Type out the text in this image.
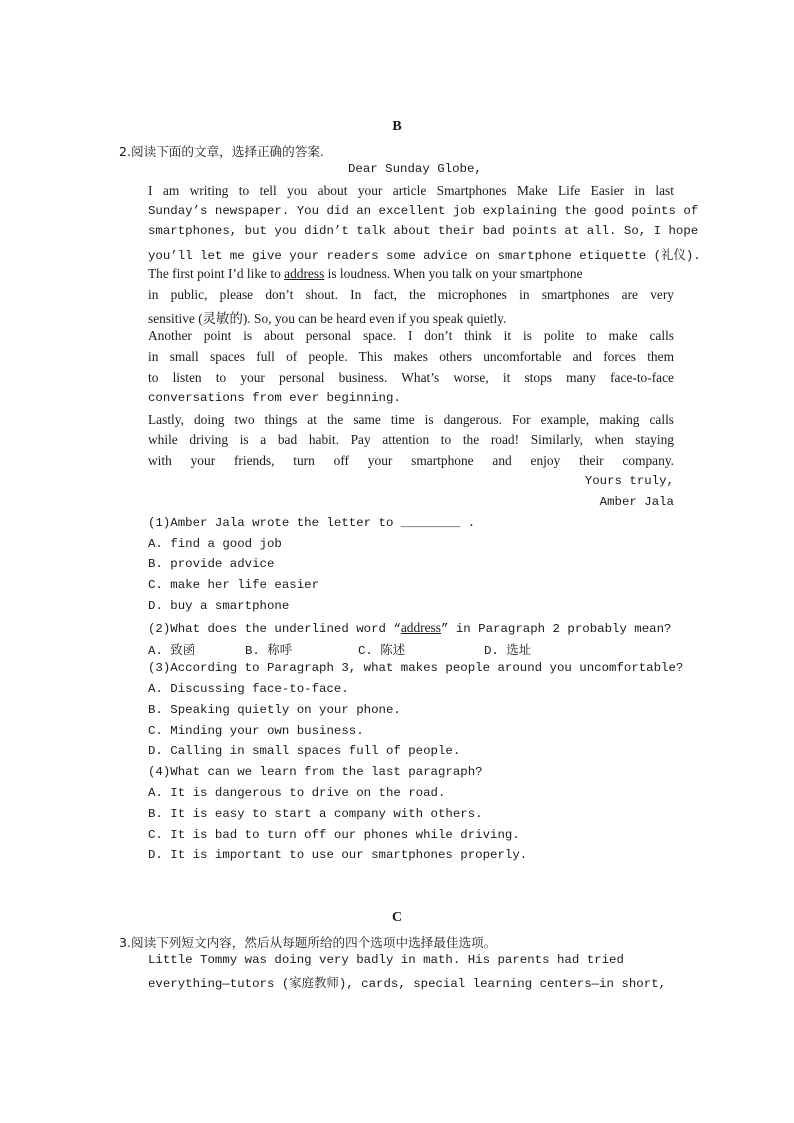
B
2.阅读下面的文章，选择正确的答案.
Dear Sunday Globe,
I am writing to tell you about your article Smartphones Make Life Easier in last
Sunday’s newspaper. You did an excellent job explaining the good points of
smartphones, but you didn’t talk about their bad points at all. So, I hope
you’ll let me give your readers some advice on smartphone etiquette (礼仪).
The first point I’d like to address is loudness. When you talk on your smartphone
in public, please don’t shout. In fact, the microphones in smartphones are very
sensitive (灵敏的). So, you can be heard even if you speak quietly.
Another point is about personal space. I don’t think it is polite to make calls
in small spaces full of people. This makes others uncomfortable and forces them
to listen to your personal business. What’s worse, it stops many face-to-face
conversations from ever beginning.
Lastly, doing two things at the same time is dangerous. For example, making calls
while driving is a bad habit. Pay attention to the road! Similarly, when staying
with your friends, turn off your smartphone and enjoy their company.
Yours truly,
Amber Jala
(1)Amber Jala wrote the letter to ________ .
A. find a good job
B. provide advice
C. make her life easier
D. buy a smartphone
(2)What does the underlined word “address” in Paragraph 2 probably mean?
A. 致函	B. 称呼	C. 陈述	D. 选址
(3)According to Paragraph 3, what makes people around you uncomfortable?
A. Discussing face-to-face.
B. Speaking quietly on your phone.
C. Minding your own business.
D. Calling in small spaces full of people.
(4)What can we learn from the last paragraph?
A. It is dangerous to drive on the road.
B. It is easy to start a company with others.
C. It is bad to turn off our phones while driving.
D. It is important to use our smartphones properly.
C
3.阅读下列短文内容，然后从每题所给的四个选项中选择最佳选项。
Little Tommy was doing very badly in math. His parents had tried
everything—tutors (家庭教师), cards, special learning centers—in short,
